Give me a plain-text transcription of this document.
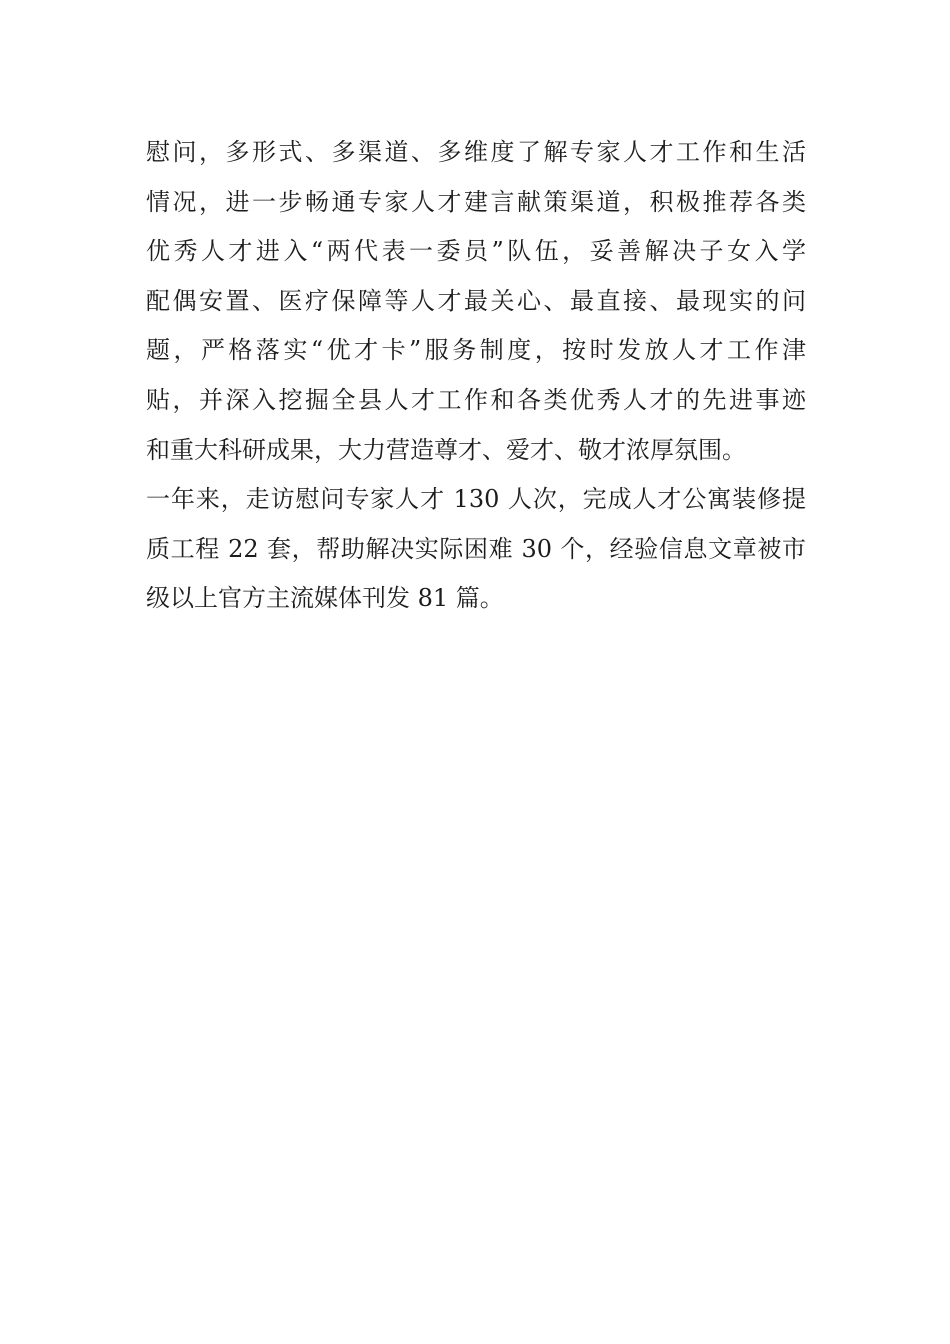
慰问，多形式、多渠道、多维度了解专家人才工作和生活
情况，进一步畅通专家人才建言献策渠道，积极推荐各类
优秀人才进入“两代表一委员”队伍，妥善解决子女入学
配偶安置、医疗保障等人才最关心、最直接、最现实的问
题，严格落实“优才卡”服务制度，按时发放人才工作津
贴，并深入挖掘全县人才工作和各类优秀人才的先进事迹
和重大科研成果，大力营造尊才、爱才、敬才浓厚氛围。
一年来，走访慰问专家人才 130 人次，完成人才公寓装修提
质工程 22 套，帮助解决实际困难 30 个，经验信息文章被市
级以上官方主流媒体刊发 81 篇。
